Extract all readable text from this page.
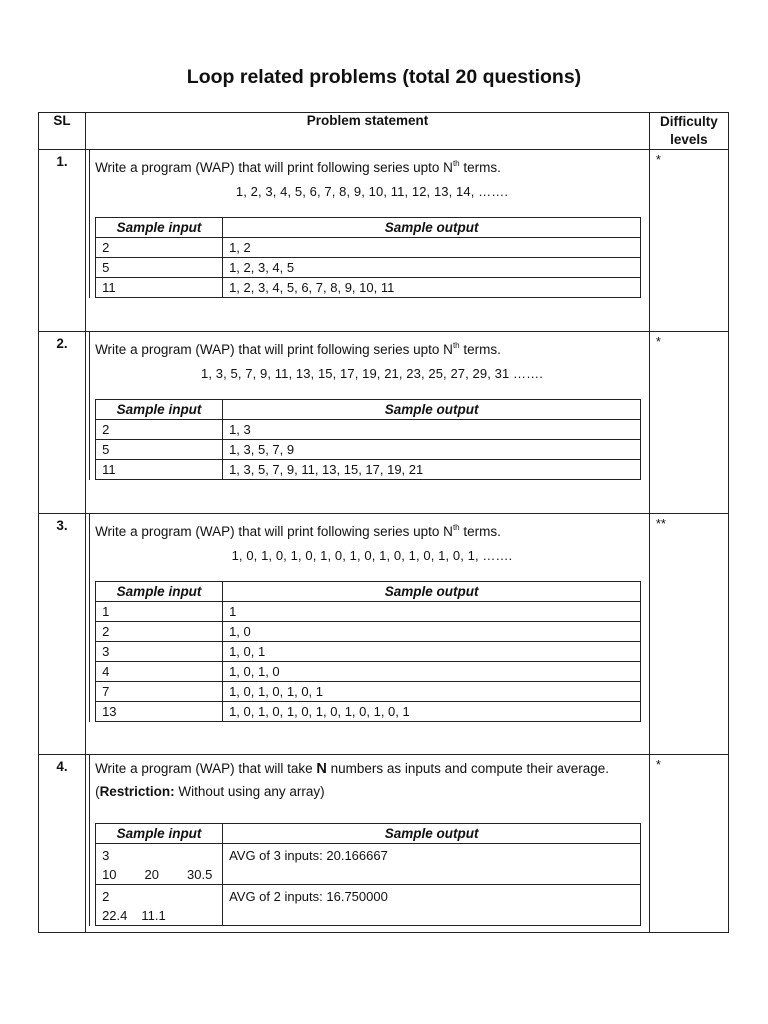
Loop related problems (total 20 questions)
SL	Problem statement	Difficulty levels
1.	Write a program (WAP) that will print following series upto $N^{th}$ terms.
1, 2, 3, 4, 5, 6, 7, 8, 9, 10, 11, 12, 13, 14, …….
Sample input	Sample output
2	1, 2
5	1, 2, 3, 4, 5
11	1, 2, 3, 4, 5, 6, 7, 8, 9, 10, 11
	*
2.	Write a program (WAP) that will print following series upto $N^{th}$ terms.
1, 3, 5, 7, 9, 11, 13, 15, 17, 19, 21, 23, 25, 27, 29, 31 …….
Sample input	Sample output
2	1, 3
5	1, 3, 5, 7, 9
11	1, 3, 5, 7, 9, 11, 13, 15, 17, 19, 21
	*
3.	Write a program (WAP) that will print following series upto $N^{th}$ terms.
1, 0, 1, 0, 1, 0, 1, 0, 1, 0, 1, 0, 1, 0, 1, 0, 1, …….
Sample input	Sample output
1	1
2	1, 0
3	1, 0, 1
4	1, 0, 1, 0
7	1, 0, 1, 0, 1, 0, 1
13	1, 0, 1, 0, 1, 0, 1, 0, 1, 0, 1, 0, 1
	**
4.	Write a program (WAP) that will take N numbers as inputs and compute their average.
(Restriction: Without using any array)
Sample input	Sample output

3
10 20 30.5
	AVG of 3 inputs: 20.166667

2
22.4 11.1
	AVG of 2 inputs: 16.750000
	*
